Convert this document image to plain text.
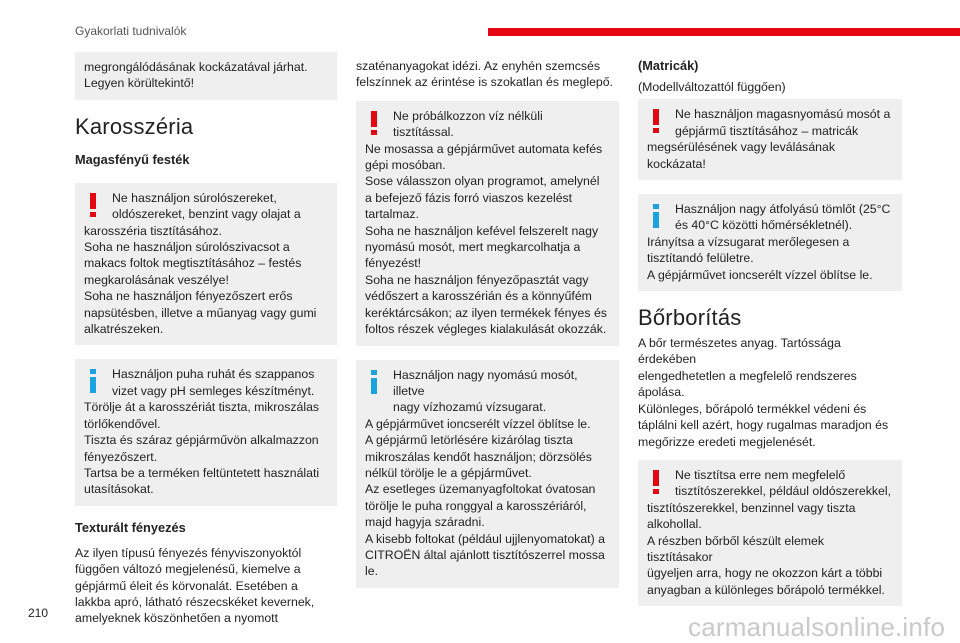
Gyakorlati tudnivalók

megrongálódásának kockázatával járhat.

Legyen körültekintő!

Karosszéria
Magasfényű festék

Ne használjon súrolószereket,

oldószereket, benzint vagy olajat a

karosszéria tisztításához.

Soha ne használjon súrolószivacsot a

makacs foltok megtisztításához – festés

megkarolásának veszélye!

Soha ne használjon fényezőszert erős

napsütésben, illetve a műanyag vagy gumi

alkatrészeken.

Használjon puha ruhát és szappanos

vizet vagy pH semleges készítményt.

Törölje át a karosszériát tiszta, mikroszálas

törlőkendővel.

Tiszta és száraz gépjárművön alkalmazzon

fényezőszert.

Tartsa be a terméken feltüntetett használati

utasításokat.

Texturált fényezés
Az ilyen típusú fényezés fényviszonyoktól
függően változó megjelenésű, kiemelve a
gépjármű éleit és körvonalát. Esetében a
lakkba apró, látható részecskéket kevernek,
amelyeknek köszönhetően a nyomott
szaténanyagokat idézi. Az enyhén szemcsés
felszínnek az érintése is szokatlan és meglepő.

Ne próbálkozzon víz nélküli

tisztítással.

Ne mosassa a gépjárművet automata kefés

gépi mosóban.

Sose válasszon olyan programot, amelynél

a befejező fázis forró viaszos kezelést

tartalmaz.

Soha ne használjon kefével felszerelt nagy

nyomású mosót, mert megkarcolhatja a

fényezést!

Soha ne használjon fényezőpasztát vagy

védőszert a karosszérián és a könnyűfém

keréktárcsákon; az ilyen termékek fényes és

foltos részek végleges kialakulását okozzák.

Használjon nagy nyomású mosót, illetve

nagy vízhozamú vízsugarat.

A gépjárművet ioncserélt vízzel öblítse le.

A gépjármű letörlésére kizárólag tiszta

mikroszálas kendőt használjon; dörzsölés

nélkül törölje le a gépjárművet.

Az esetleges üzemanyagfoltokat óvatosan

törölje le puha ronggyal a karosszériáról,

majd hagyja száradni.

A kisebb foltokat (például ujjlenyomatokat) a

CITROËN által ajánlott tisztítószerrel mossa

le.

(Matricák)
(Modellváltozattól függően)

Ne használjon magasnyomású mosót a

gépjármű tisztításához – matricák

megsérülésének vagy leválásának kockázata!

Használjon nagy átfolyású tömlőt (25°C

és 40°C közötti hőmérsékletnél).

Irányítsa a vízsugarat merőlegesen a

tisztítandó felületre.

A gépjárművet ioncserélt vízzel öblítse le.

Bőrborítás
A bőr természetes anyag. Tartóssága érdekében
elengedhetetlen a megfelelő rendszeres
ápolása.
Különleges, bőrápoló termékkel védeni és
táplálni kell azért, hogy rugalmas maradjon és
megőrizze eredeti megjelenését.

Ne tisztítsa erre nem megfelelő

tisztítószerekkel, például oldószerekkel,

tisztítószerekkel, benzinnel vagy tiszta

alkohollal.

A részben bőrből készült elemek tisztításakor

ügyeljen arra, hogy ne okozzon kárt a többi

anyagban a különleges bőrápoló termékkel.

210	carmanualsonline.info
